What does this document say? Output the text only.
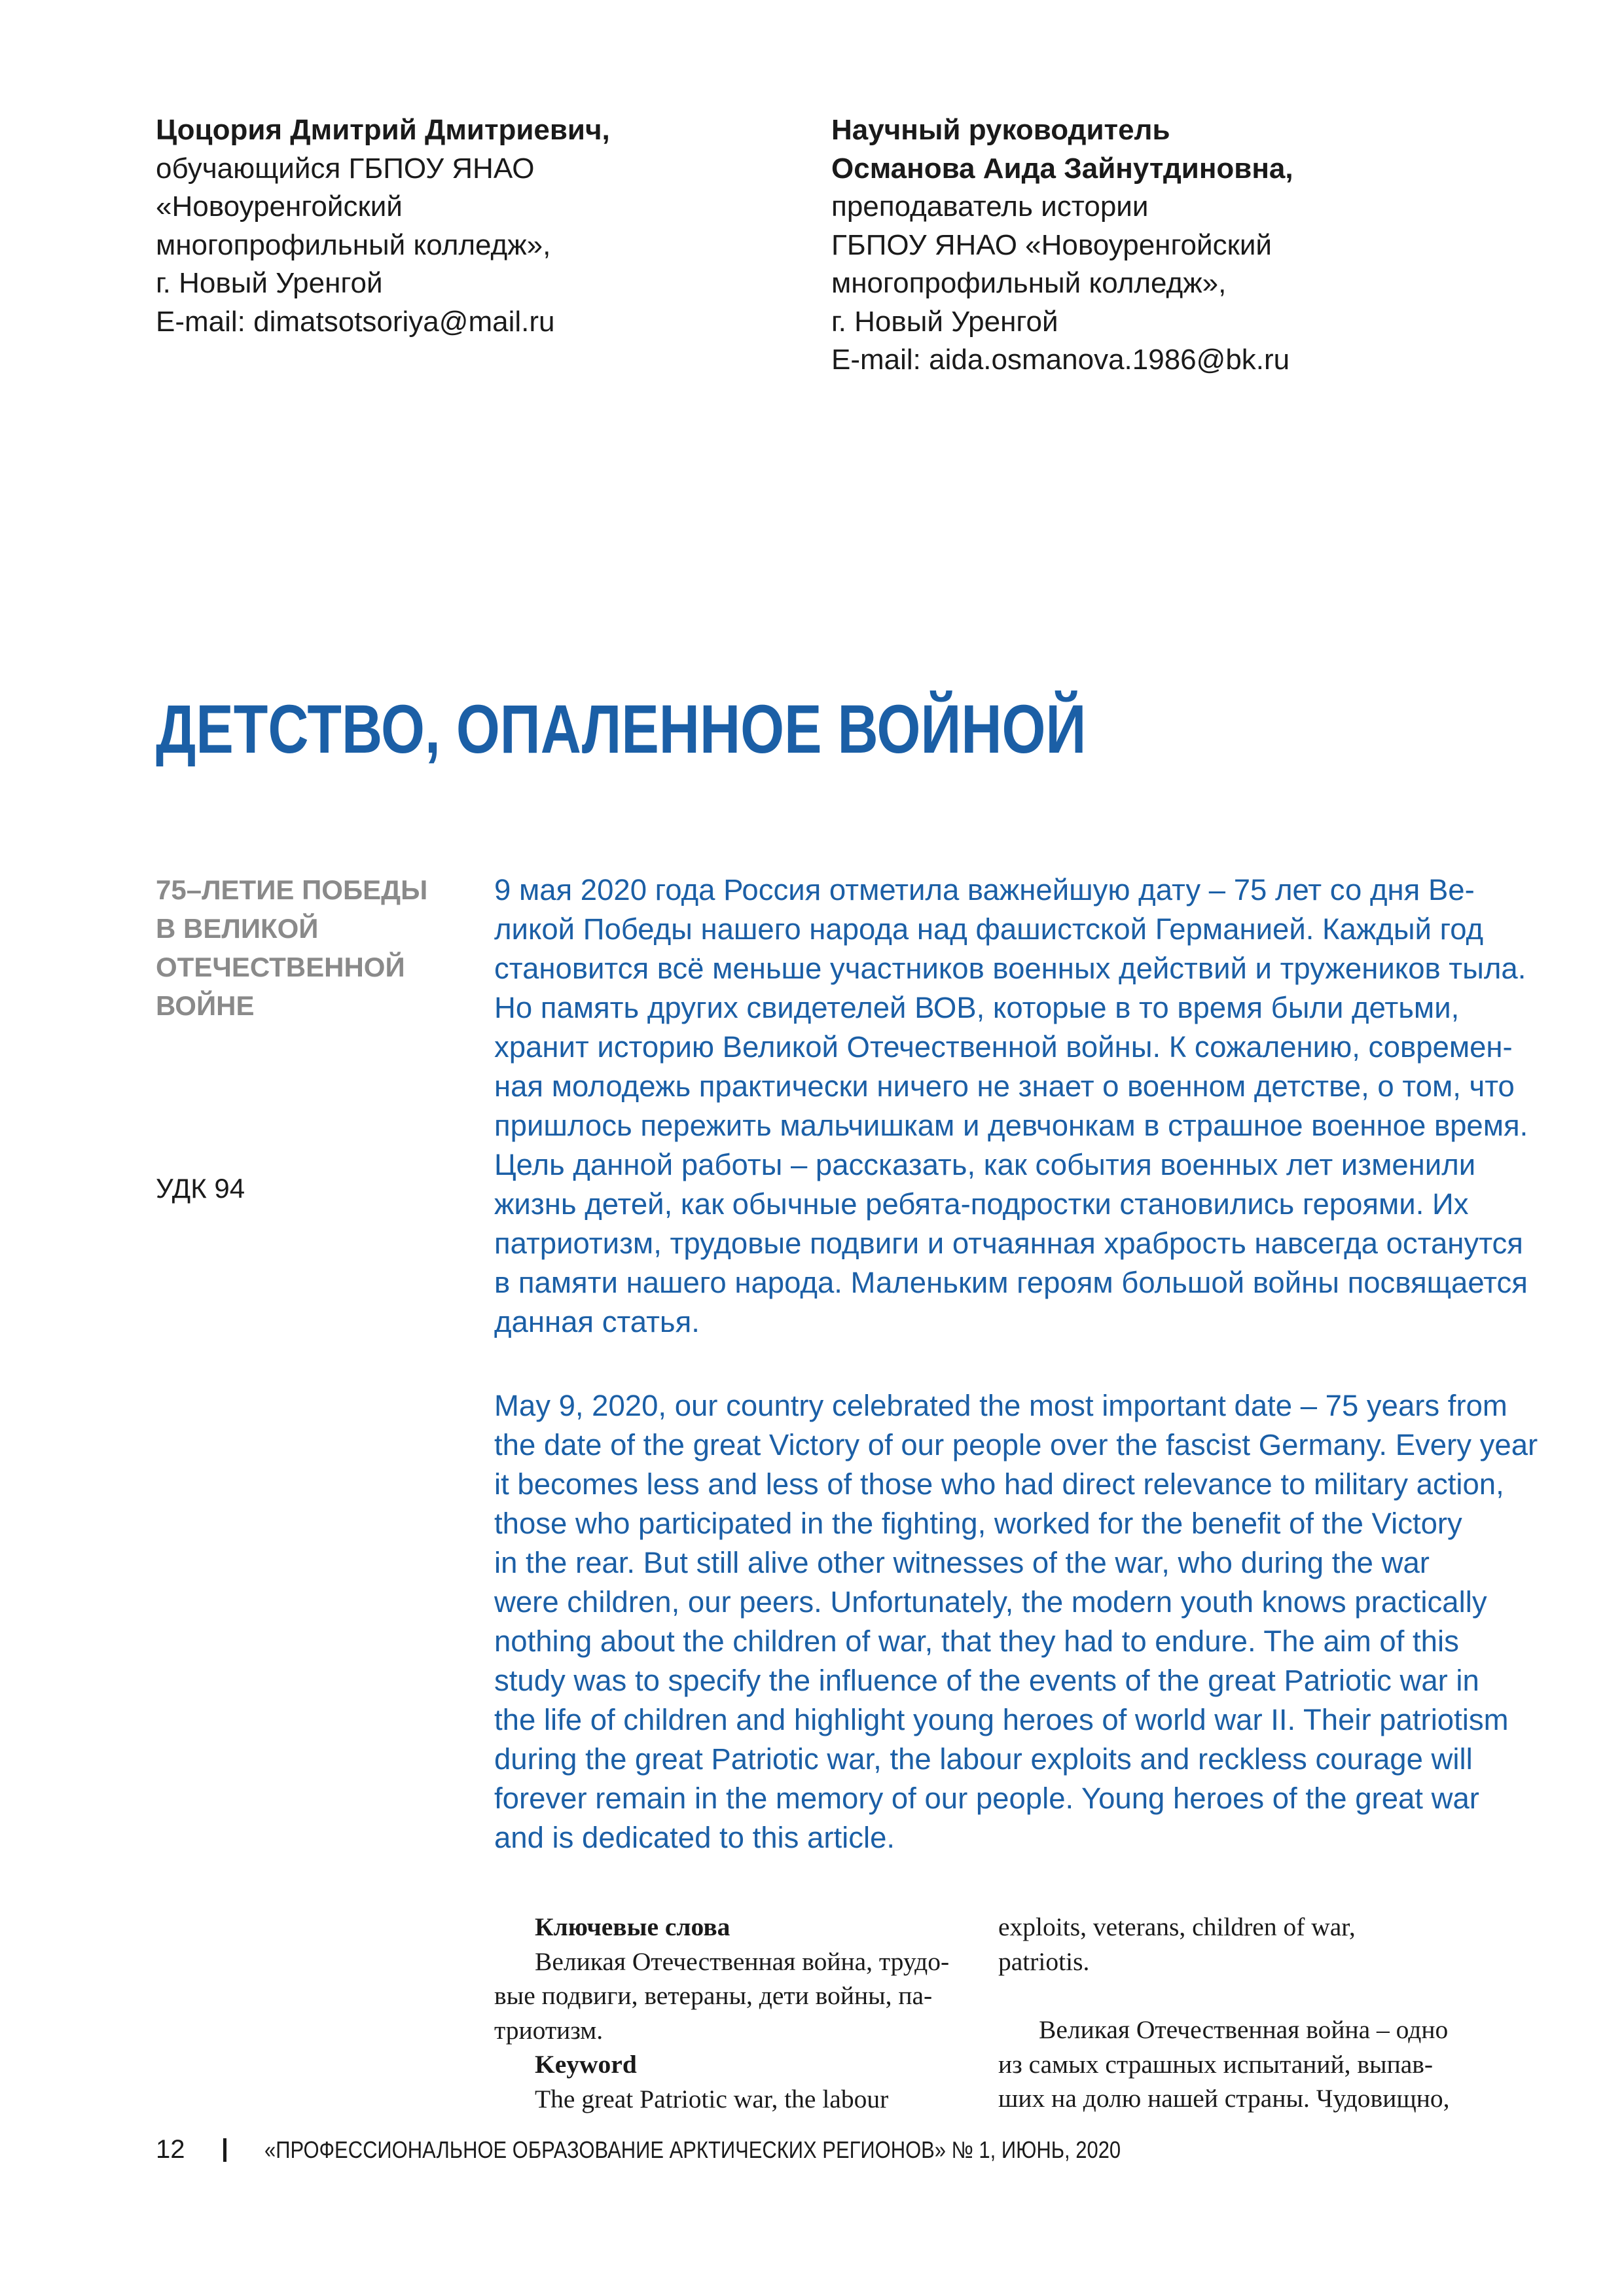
Цоцория Дмитрий Дмитриевич,
обучающийся ГБПОУ ЯНАО
«Новоуренгойский
многопрофильный колледж»,
г. Новый Уренгой
E-mail: dimatsotsoriya@mail.ru
Научный руководитель
Османова Аида Зайнутдиновна,
преподаватель истории
ГБПОУ ЯНАО «Новоуренгойский
многопрофильный колледж»,
г. Новый Уренгой
E-mail: aida.osmanova.1986@bk.ru
ДЕТСТВО, ОПАЛЕННОЕ ВОЙНОЙ
75–ЛЕТИЕ ПОБЕДЫ
В ВЕЛИКОЙ
ОТЕЧЕСТВЕННОЙ
ВОЙНЕ
УДК 94
9 мая 2020 года Россия отметила важнейшую дату – 75 лет со дня Ве-
ликой Победы нашего народа над фашистской Германией. Каждый год
становится всё меньше участников военных действий и тружеников тыла.
Но память других свидетелей ВОВ, которые в то время были детьми,
хранит историю Великой Отечественной войны. К сожалению, современ-
ная молодежь практически ничего не знает о военном детстве, о том, что
пришлось пережить мальчишкам и девчонкам в страшное военное время.
Цель данной работы – рассказать, как события военных лет изменили
жизнь детей, как обычные ребята-подростки становились героями. Их
патриотизм, трудовые подвиги и отчаянная храбрость навсегда останутся
в памяти нашего народа. Маленьким героям большой войны посвящается
данная статья.
May 9, 2020, our country celebrated the most important date – 75 years from
the date of the great Victory of our people over the fascist Germany. Every year
it becomes less and less of those who had direct relevance to military action,
those who participated in the fighting, worked for the benefit of the Victory
in the rear. But still alive other witnesses of the war, who during the war
were children, our peers. Unfortunately, the modern youth knows practically
nothing about the children of war, that they had to endure. The aim of this
study was to specify the influence of the events of the great Patriotic war in
the life of children and highlight young heroes of world war II. Their patriotism
during the great Patriotic war, the labour exploits and reckless courage will
forever remain in the memory of our people. Young heroes of the great war
and is dedicated to this article.
Ключевые слова
Великая Отечественная война, трудо-
вые подвиги, ветераны, дети войны, па-
триотизм.
Keyword
The great Patriotic war, the labour
exploits, veterans, children of war,
patriotis.
Великая Отечественная война – одно
из самых страшных испытаний, выпав-
ших на долю нашей страны. Чудовищно,
12	«ПРОФЕССИОНАЛЬНОЕ ОБРАЗОВАНИЕ АРКТИЧЕСКИХ РЕГИОНОВ» № 1, ИЮНЬ, 2020
